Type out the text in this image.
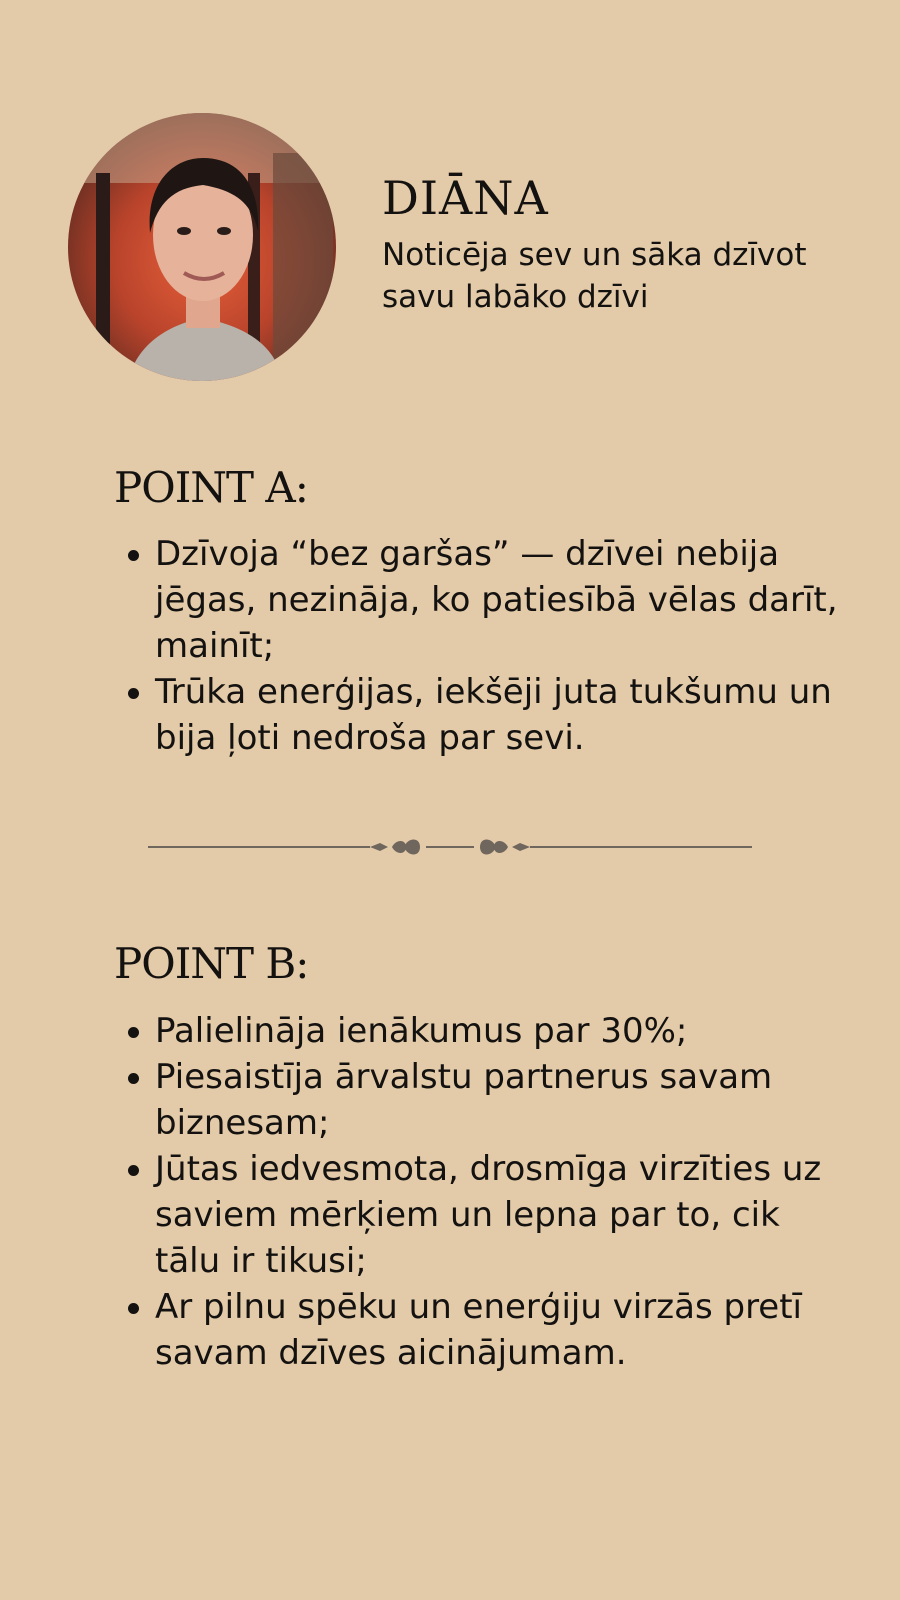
DIĀNA
Noticēja sev un sāka dzīvot savu labāko dzīvi
POINT A:
Dzīvoja “bez garšas” — dzīvei nebija jēgas, nezināja, ko patiesībā vēlas darīt, mainīt;
Trūka enerģijas, iekšēji juta tukšumu un bija ļoti nedroša par sevi.
POINT B:
Palielināja ienākumus par 30%;
Piesaistīja ārvalstu partnerus savam biznesam;
Jūtas iedvesmota, drosmīga virzīties uz saviem mērķiem un lepna par to, cik tālu ir tikusi;
Ar pilnu spēku un enerģiju virzās pretī savam dzīves aicinājumam.
